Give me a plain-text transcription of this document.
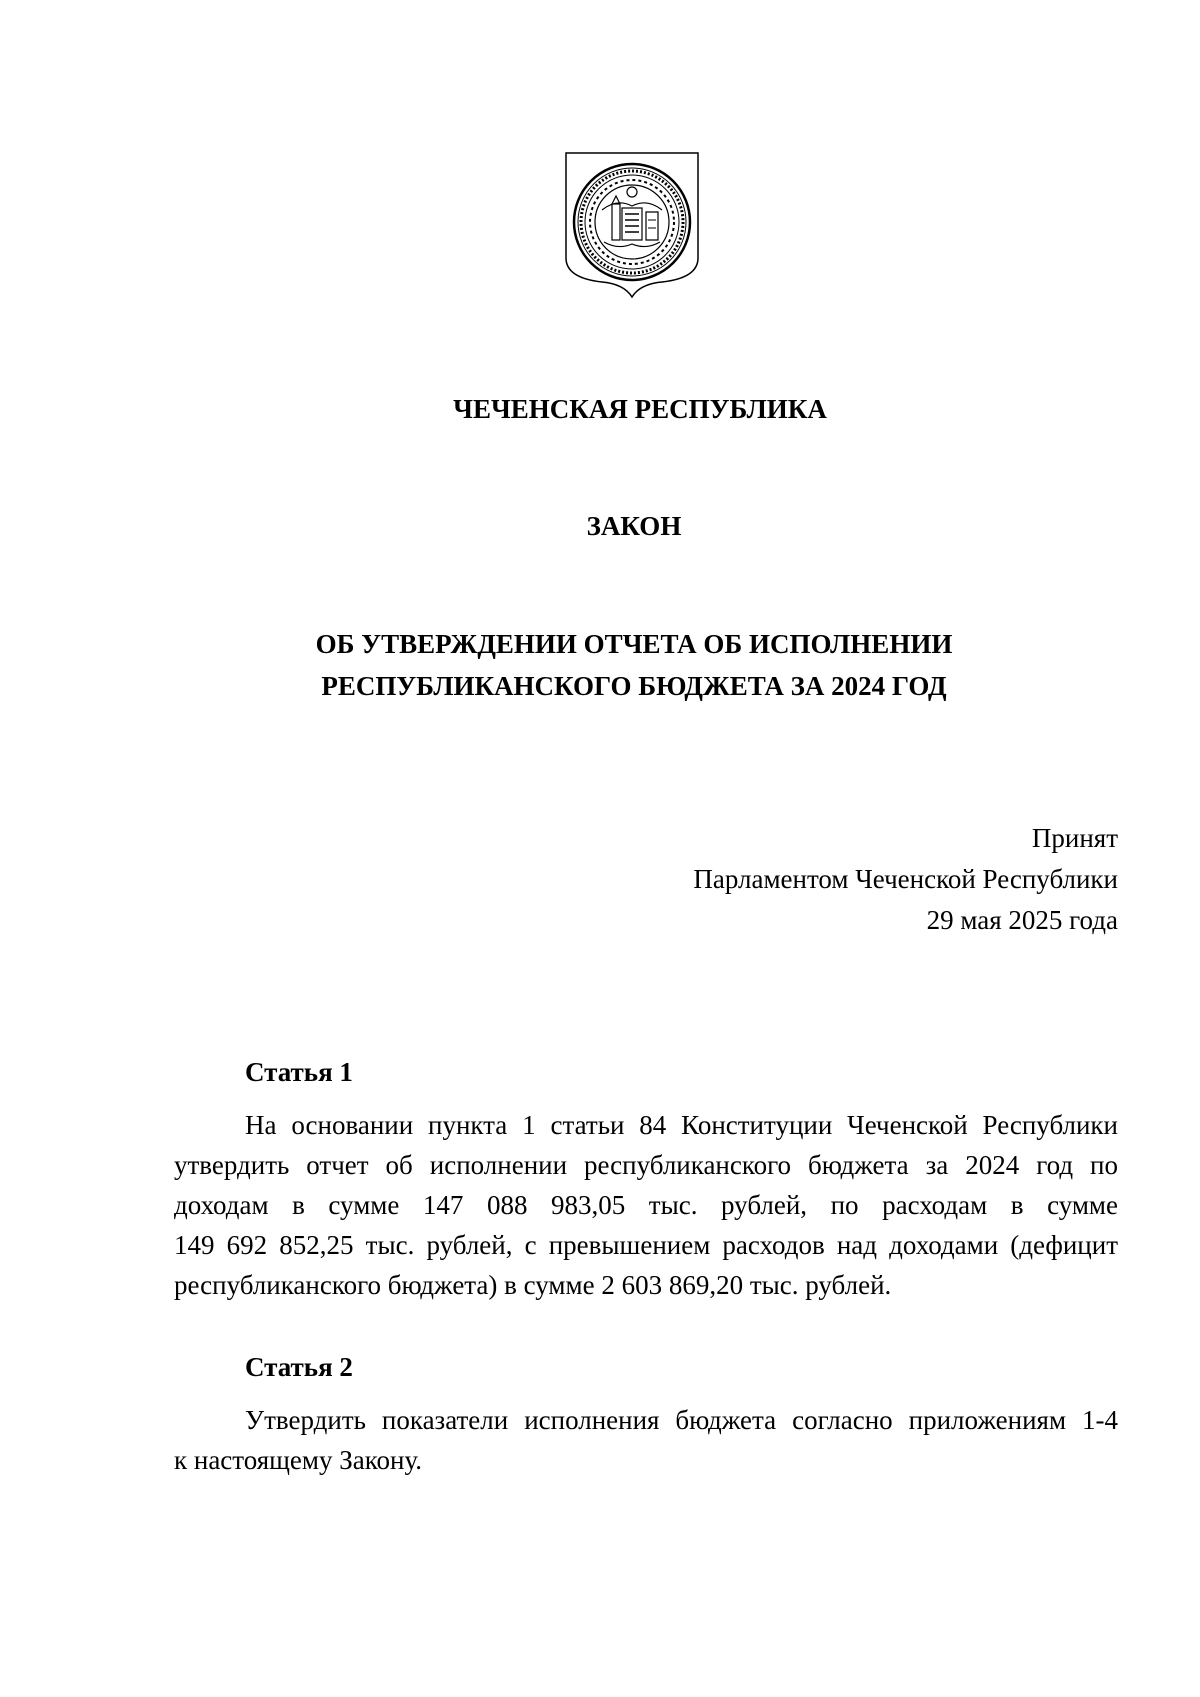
ЧЕЧЕНСКАЯ РЕСПУБЛИКА

ЗАКОН

ОБ УТВЕРЖДЕНИИ ОТЧЕТА ОБ ИСПОЛНЕНИИ
РЕСПУБЛИКАНСКОГО БЮДЖЕТА ЗА 2024 ГОД

Принят
Парламентом Чеченской Республики
29 мая 2025 года
Статья 1
На основании пункта 1 статьи 84 Конституции Чеченской Республики
утвердить отчет об исполнении республиканского бюджета за 2024 год по
доходам в сумме 147 088 983,05 тыс. рублей, по расходам в сумме
149 692 852,25 тыс. рублей, с превышением расходов над доходами (дефицит
республиканского бюджета) в сумме 2 603 869,20 тыс. рублей.
Статья 2
Утвердить показатели исполнения бюджета согласно приложениям 1-4
к настоящему Закону.
